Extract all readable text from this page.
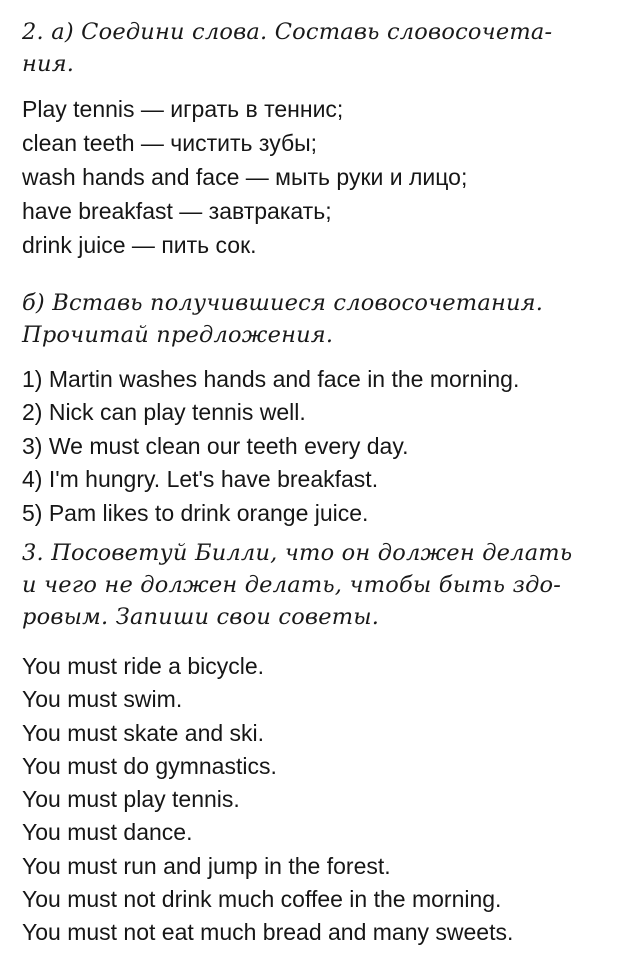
2. а) Соедини слова. Составь словосочета-
ния.

Play tennis — играть в теннис;
clean teeth — чистить зубы;
wash hands and face — мыть руки и лицо;
have breakfast — завтракать;
drink juice — пить сок.

б) Вставь получившиеся словосочетания.
Прочитай предложения.

1) Martin washes hands and face in the morning.
2) Nick can play tennis well.
3) We must clean our teeth every day.
4) I'm hungry. Let's have breakfast.
5) Pam likes to drink orange juice.

3. Посоветуй Билли, что он должен делать
и чего не должен делать, чтобы быть здо-
ровым. Запиши свои советы.

You must ride a bicycle.
You must swim.
You must skate and ski.
You must do gymnastics.
You must play tennis.
You must dance.
You must run and jump in the forest.
You must not drink much coffee in the morning.
You must not eat much bread and many sweets.
